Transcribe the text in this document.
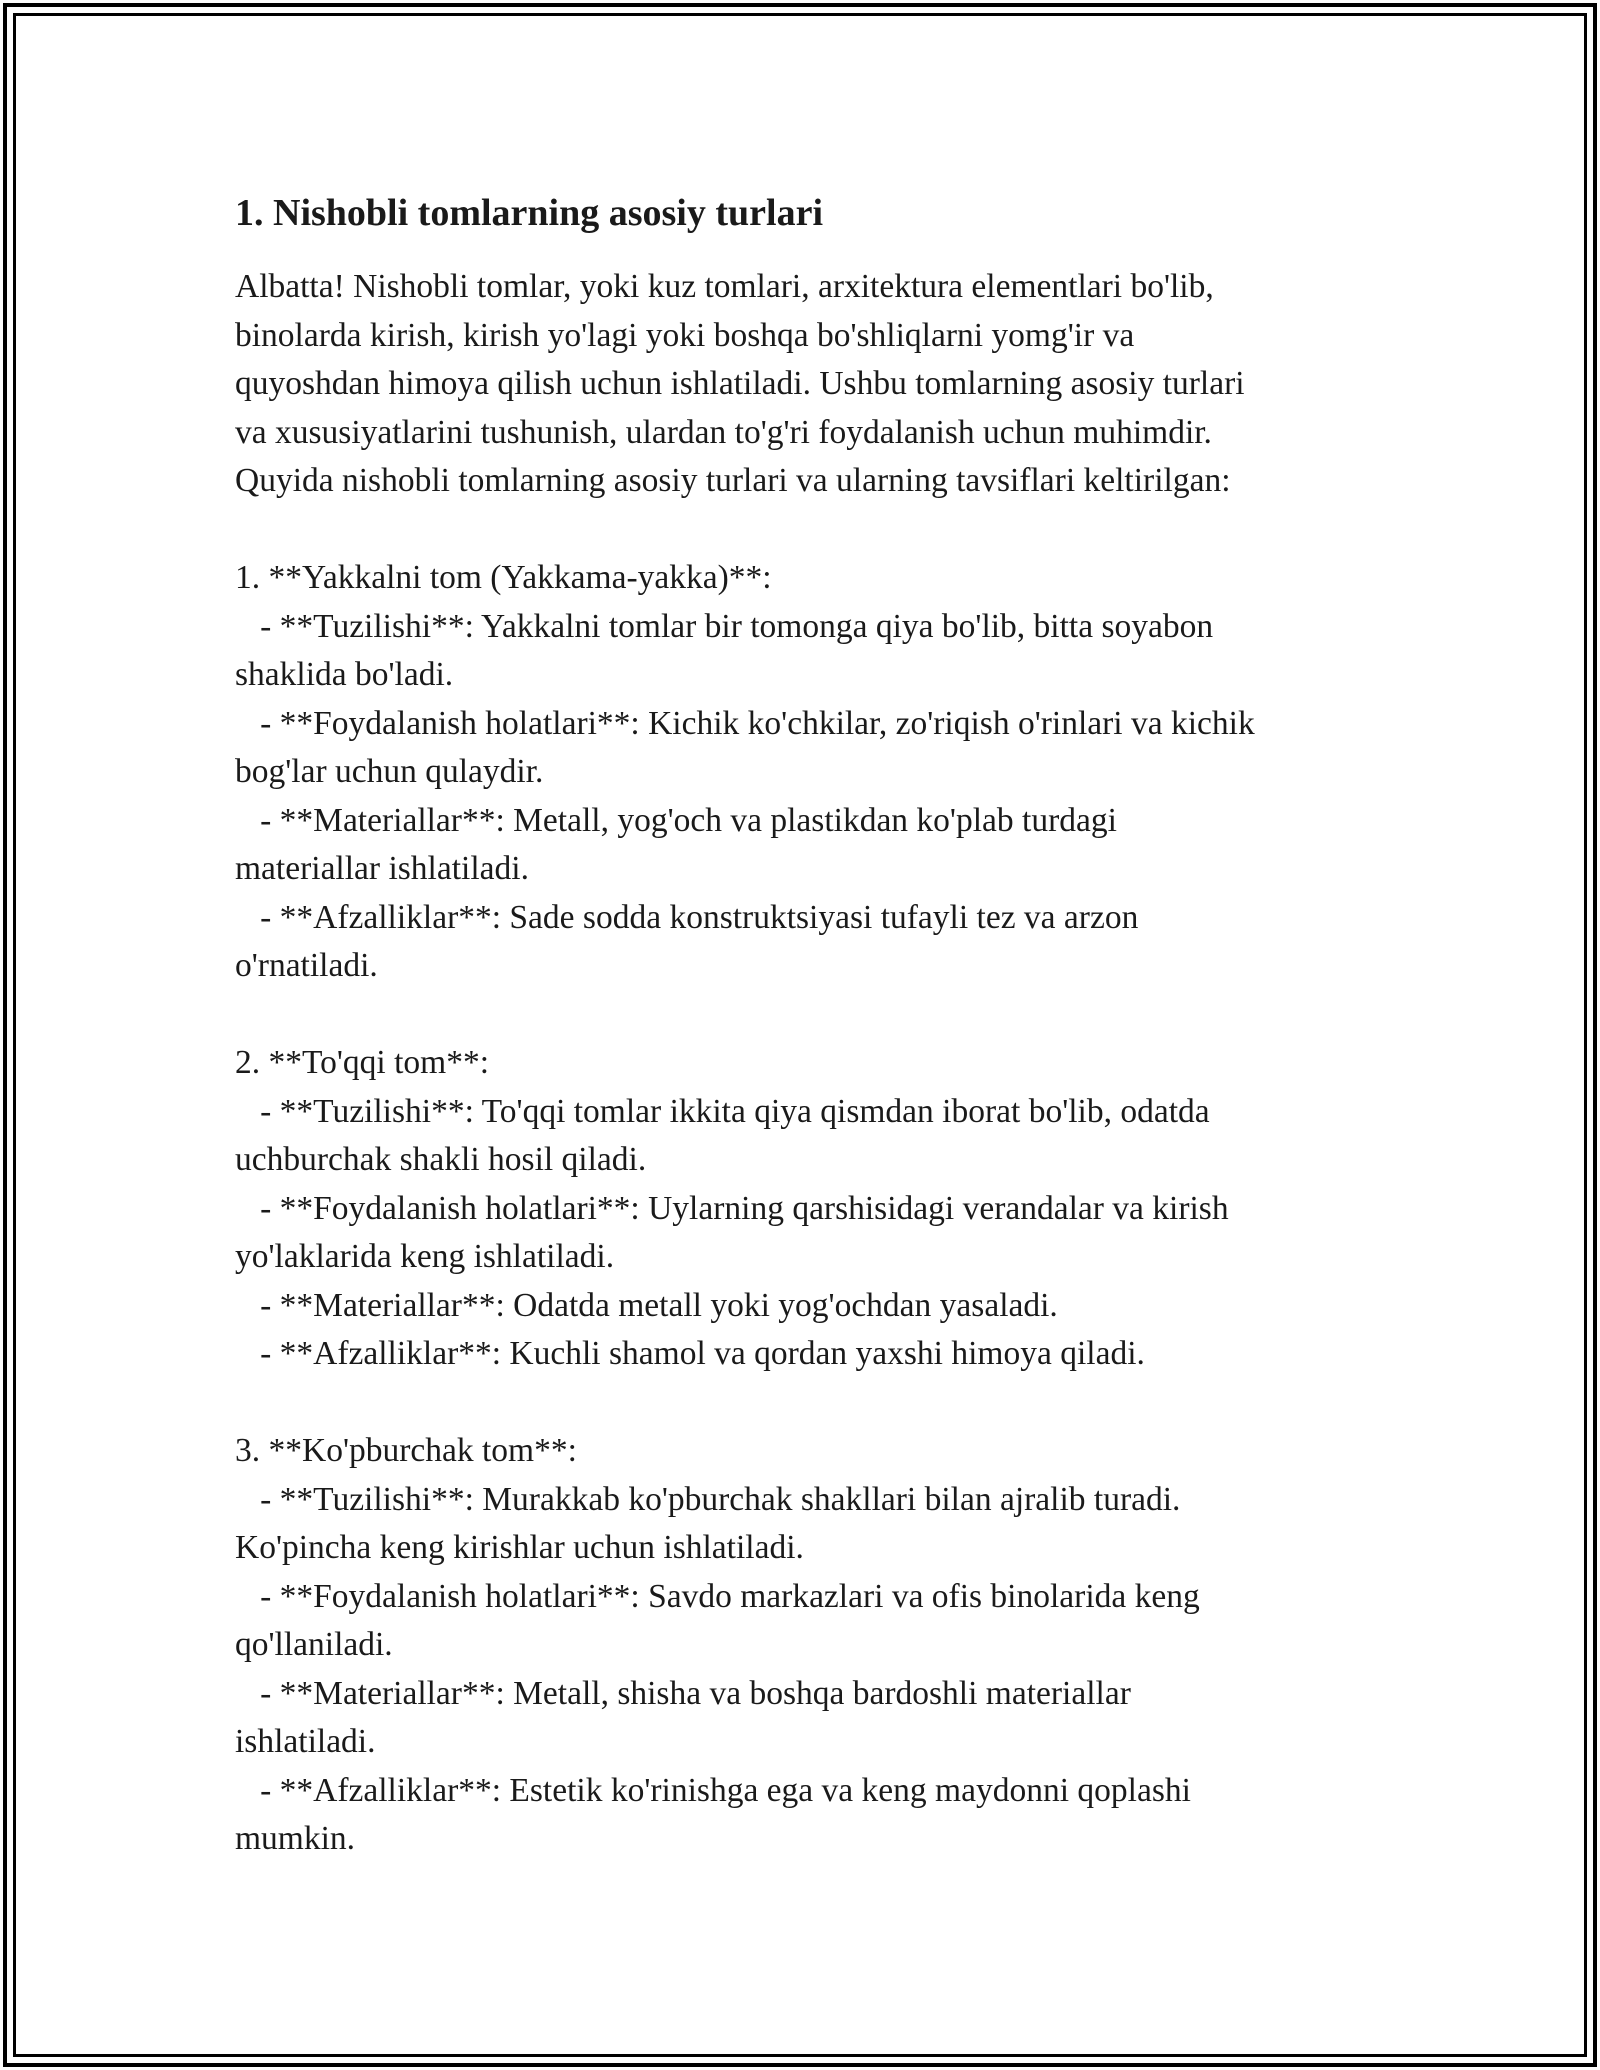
1. Nishobli tomlarning asosiy turlari

Albatta! Nishobli tomlar, yoki kuz tomlari, arxitektura elementlari bo'lib,
binolarda kirish, kirish yo'lagi yoki boshqa bo'shliqlarni yomg'ir va
quyoshdan himoya qilish uchun ishlatiladi. Ushbu tomlarning asosiy turlari
va xususiyatlarini tushunish, ulardan to'g'ri foydalanish uchun muhimdir.
Quyida nishobli tomlarning asosiy turlari va ularning tavsiflari keltirilgan:

1. **Yakkalni tom (Yakkama-yakka)**:
- **Tuzilishi**: Yakkalni tomlar bir tomonga qiya bo'lib, bitta soyabon
shaklida bo'ladi.
- **Foydalanish holatlari**: Kichik ko'chkilar, zo'riqish o'rinlari va kichik
bog'lar uchun qulaydir.
- **Materiallar**: Metall, yog'och va plastikdan ko'plab turdagi
materiallar ishlatiladi.
- **Afzalliklar**: Sade sodda konstruktsiyasi tufayli tez va arzon
o'rnatiladi.

2. **To'qqi tom**:
- **Tuzilishi**: To'qqi tomlar ikkita qiya qismdan iborat bo'lib, odatda
uchburchak shakli hosil qiladi.
- **Foydalanish holatlari**: Uylarning qarshisidagi verandalar va kirish
yo'laklarida keng ishlatiladi.
- **Materiallar**: Odatda metall yoki yog'ochdan yasaladi.
- **Afzalliklar**: Kuchli shamol va qordan yaxshi himoya qiladi.

3. **Ko'pburchak tom**:
- **Tuzilishi**: Murakkab ko'pburchak shakllari bilan ajralib turadi.
Ko'pincha keng kirishlar uchun ishlatiladi.
- **Foydalanish holatlari**: Savdo markazlari va ofis binolarida keng
qo'llaniladi.
- **Materiallar**: Metall, shisha va boshqa bardoshli materiallar
ishlatiladi.
- **Afzalliklar**: Estetik ko'rinishga ega va keng maydonni qoplashi
mumkin.
